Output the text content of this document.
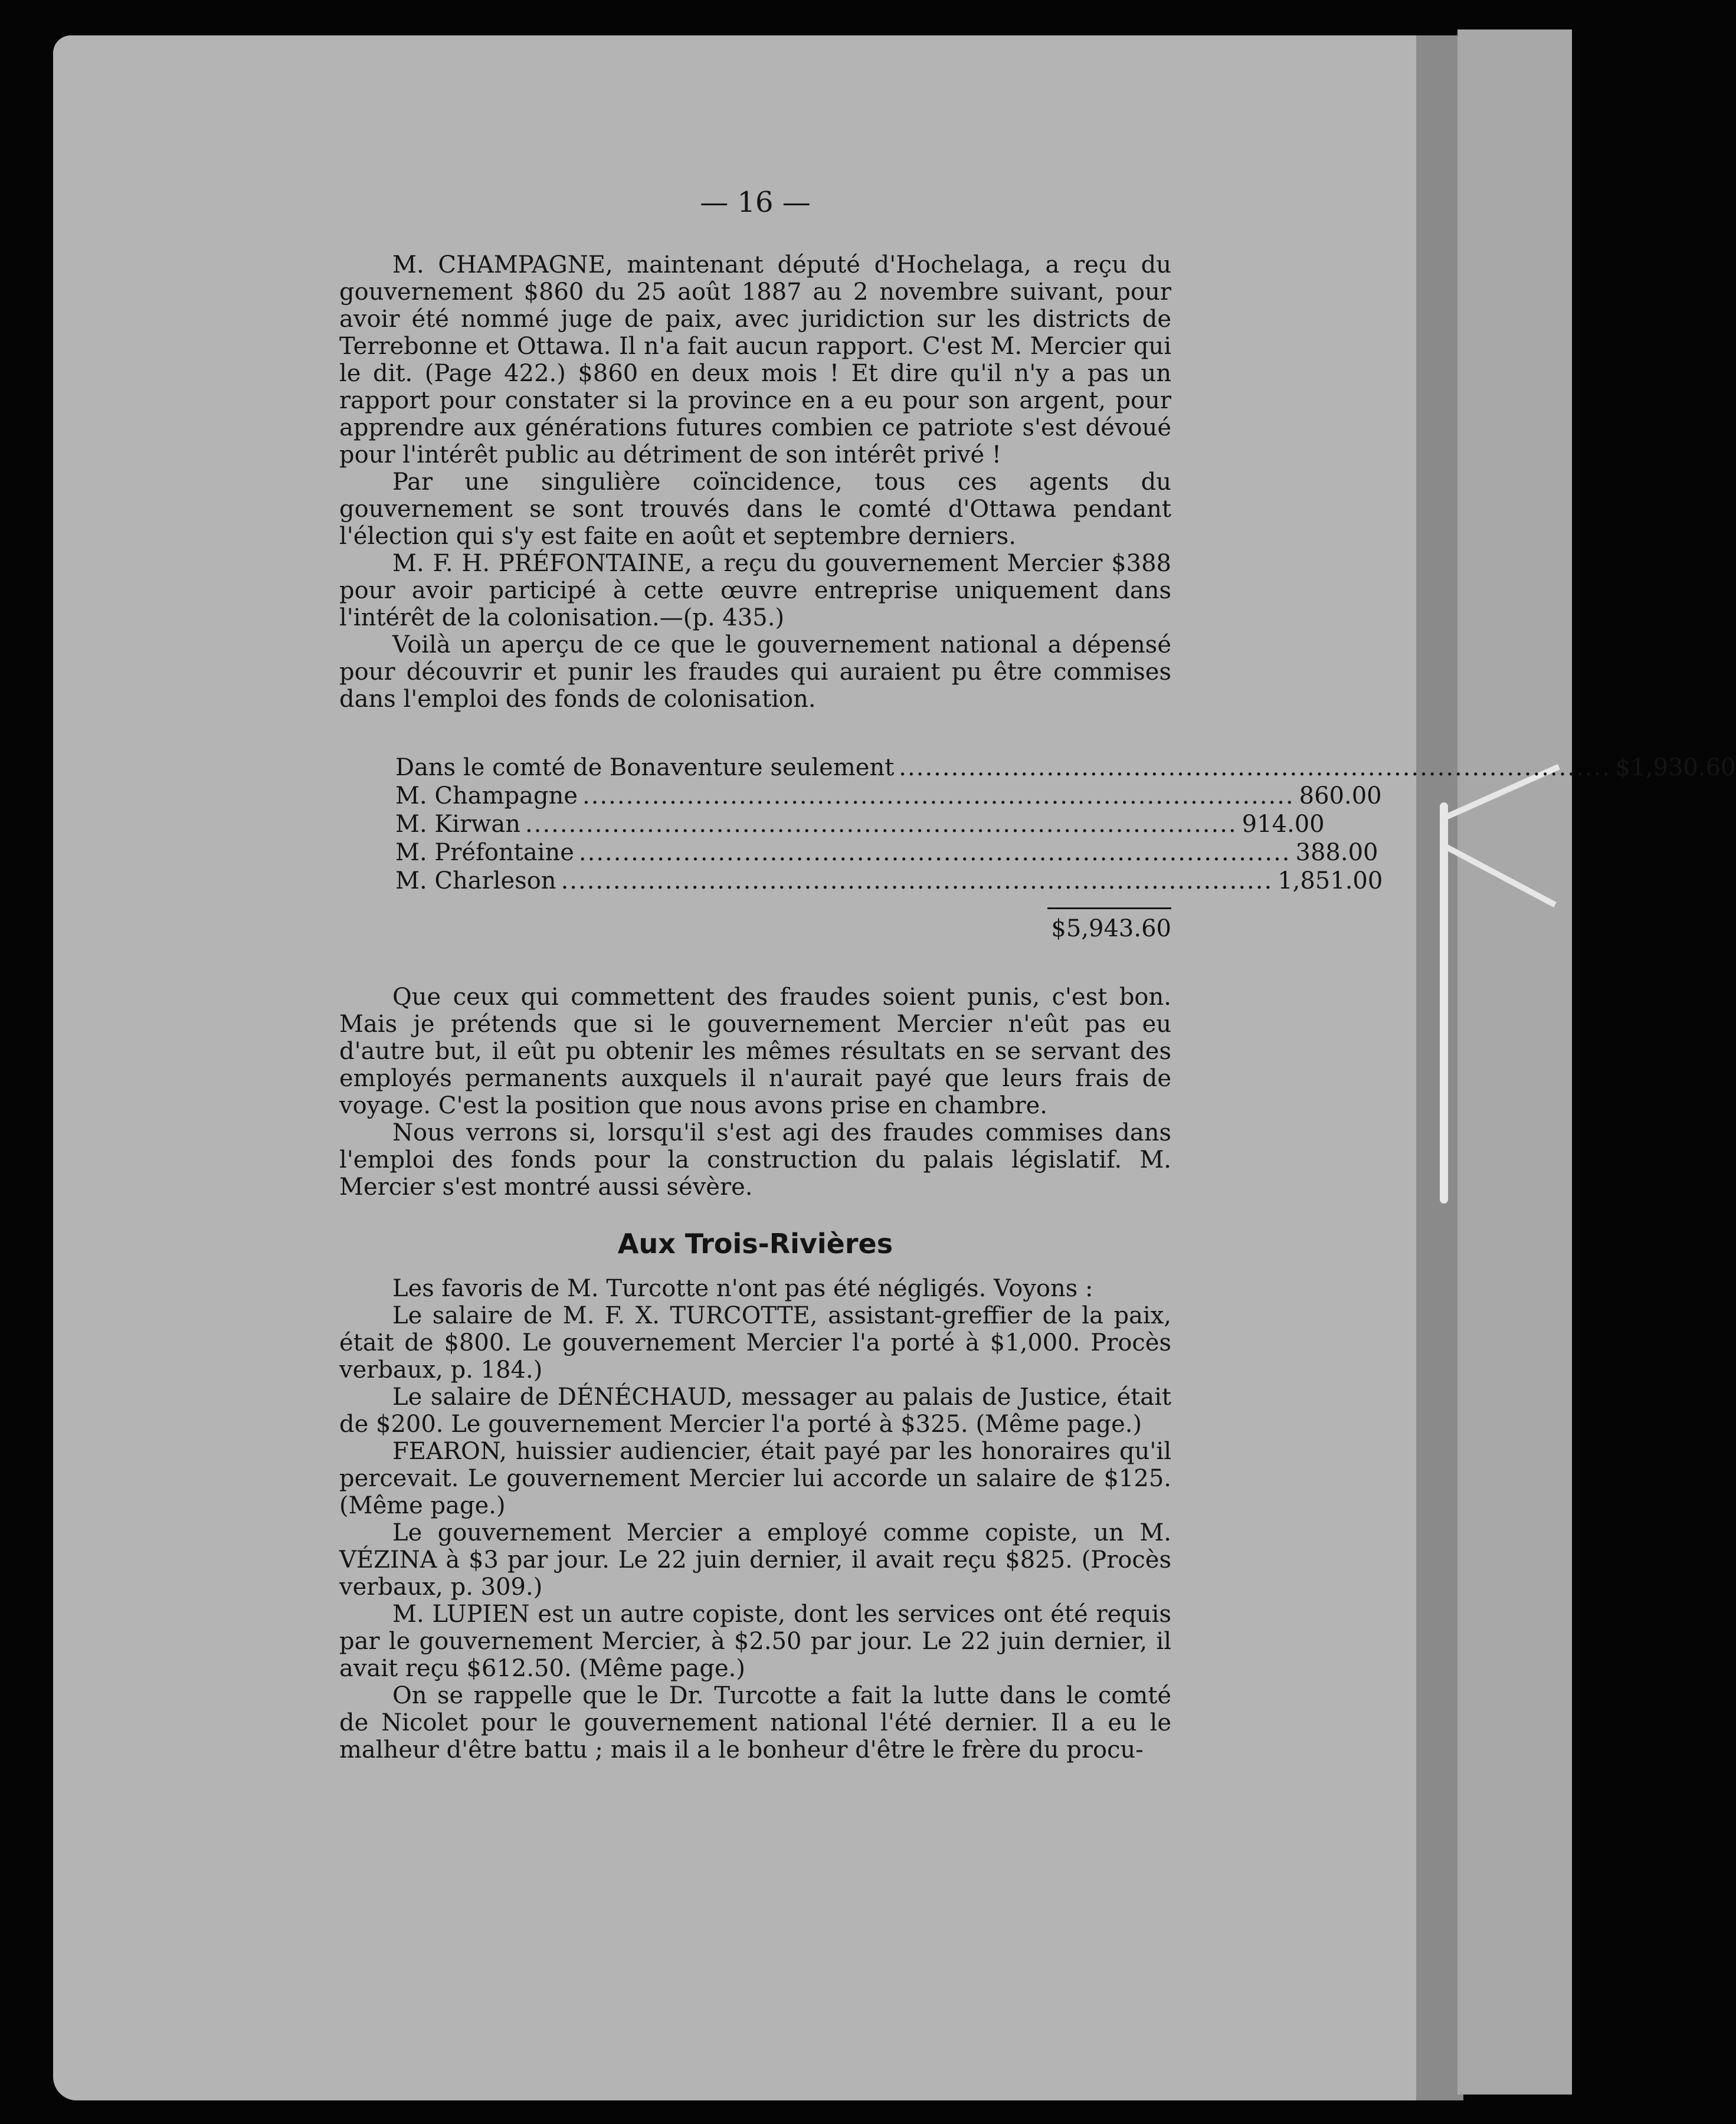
— 16 —

M. CHAMPAGNE, maintenant député d'Hochelaga, a reçu du gouvernement $860 du 25 août 1887 au 2 novembre suivant, pour avoir été nommé juge de paix, avec juridiction sur les districts de Terrebonne et Ottawa. Il n'a fait aucun rapport. C'est M. Mercier qui le dit. (Page 422.) $860 en deux mois ! Et dire qu'il n'y a pas un rapport pour constater si la province en a eu pour son argent, pour apprendre aux générations futures combien ce patriote s'est dévoué pour l'intérêt public au détriment de son intérêt privé !

Par une singulière coïncidence, tous ces agents du gouvernement se sont trouvés dans le comté d'Ottawa pendant l'élection qui s'y est faite en août et septembre derniers.

M. F. H. PRÉFONTAINE, a reçu du gouvernement Mercier $388 pour avoir participé à cette œuvre entreprise uniquement dans l'intérêt de la colonisation.—(p. 435.)

Voilà un aperçu de ce que le gouvernement national a dépensé pour découvrir et punir les fraudes qui auraient pu être commises dans l'emploi des fonds de colonisation.

Dans le comté de Bonaventure seulement .................................................................................. $1,930.60
M. Champagne .................................................................................. 860.00
M. Kirwan .................................................................................. 914.00
M. Préfontaine .................................................................................. 388.00
M. Charleson .................................................................................. 1,851.00
$5,943.60

Que ceux qui commettent des fraudes soient punis, c'est bon. Mais je prétends que si le gouvernement Mercier n'eût pas eu d'autre but, il eût pu obtenir les mêmes résultats en se servant des employés permanents auxquels il n'aurait payé que leurs frais de voyage. C'est la position que nous avons prise en chambre.

Nous verrons si, lorsqu'il s'est agi des fraudes commises dans l'emploi des fonds pour la construction du palais législatif. M. Mercier s'est montré aussi sévère.

Aux Trois-Rivières

Les favoris de M. Turcotte n'ont pas été négligés. Voyons :

Le salaire de M. F. X. TURCOTTE, assistant-greffier de la paix, était de $800. Le gouvernement Mercier l'a porté à $1,000. Procès verbaux, p. 184.)

Le salaire de DÉNÉCHAUD, messager au palais de Justice, était de $200. Le gouvernement Mercier l'a porté à $325. (Même page.)

FEARON, huissier audiencier, était payé par les honoraires qu'il percevait. Le gouvernement Mercier lui accorde un salaire de $125. (Même page.)

Le gouvernement Mercier a employé comme copiste, un M. VÉZINA à $3 par jour. Le 22 juin dernier, il avait reçu $825. (Procès verbaux, p. 309.)

M. LUPIEN est un autre copiste, dont les services ont été requis par le gouvernement Mercier, à $2.50 par jour. Le 22 juin dernier, il avait reçu $612.50. (Même page.)

On se rappelle que le Dr. Turcotte a fait la lutte dans le comté de Nicolet pour le gouvernement national l'été dernier. Il a eu le malheur d'être battu ; mais il a le bonheur d'être le frère du procu-
